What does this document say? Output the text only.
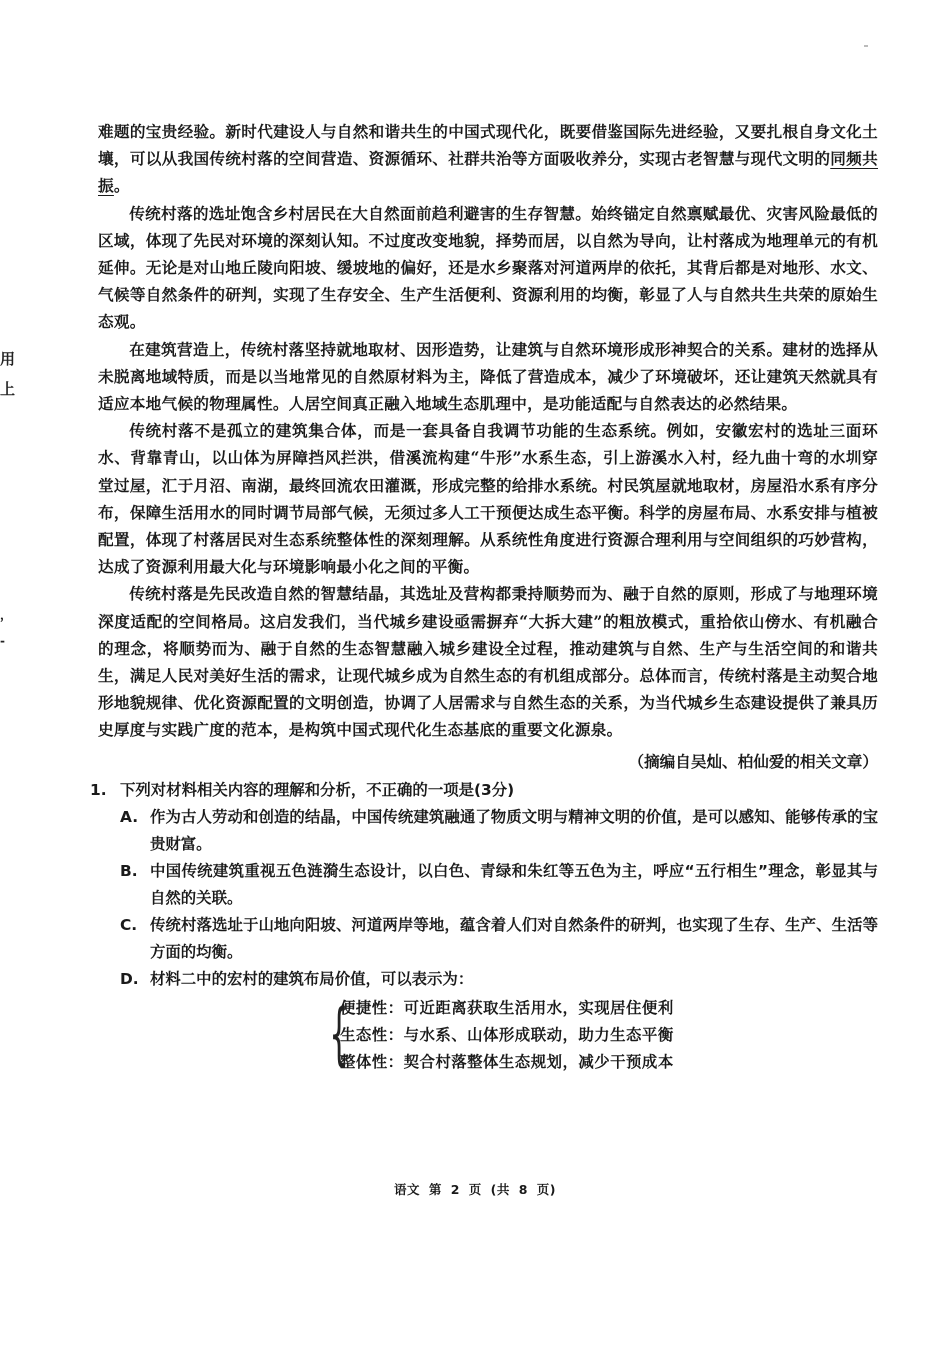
用
上
，
-

难题的宝贵经验。新时代建设人与自然和谐共生的中国式现代化，既要借鉴国际先进经验，又要扎根自身文化土壤，可以从我国传统村落的空间营造、资源循环、社群共治等方面吸收养分，实现古老智慧与现代文明的同频共振。

传统村落的选址饱含乡村居民在大自然面前趋利避害的生存智慧。始终锚定自然禀赋最优、灾害风险最低的区域，体现了先民对环境的深刻认知。不过度改变地貌，择势而居，以自然为导向，让村落成为地理单元的有机延伸。无论是对山地丘陵向阳坡、缓坡地的偏好，还是水乡聚落对河道两岸的依托，其背后都是对地形、水文、气候等自然条件的研判，实现了生存安全、生产生活便利、资源利用的均衡，彰显了人与自然共生共荣的原始生态观。

在建筑营造上，传统村落坚持就地取材、因形造势，让建筑与自然环境形成形神契合的关系。建材的选择从未脱离地域特质，而是以当地常见的自然原材料为主，降低了营造成本，减少了环境破坏，还让建筑天然就具有适应本地气候的物理属性。人居空间真正融入地域生态肌理中，是功能适配与自然表达的必然结果。

传统村落不是孤立的建筑集合体，而是一套具备自我调节功能的生态系统。例如，安徽宏村的选址三面环水、背靠青山，以山体为屏障挡风拦洪，借溪流构建“牛形”水系生态，引上游溪水入村，经九曲十弯的水圳穿堂过屋，汇于月沼、南湖，最终回流农田灌溉，形成完整的给排水系统。村民筑屋就地取材，房屋沿水系有序分布，保障生活用水的同时调节局部气候，无须过多人工干预便达成生态平衡。科学的房屋布局、水系安排与植被配置，体现了村落居民对生态系统整体性的深刻理解。从系统性角度进行资源合理利用与空间组织的巧妙营构，达成了资源利用最大化与环境影响最小化之间的平衡。

传统村落是先民改造自然的智慧结晶，其选址及营构都秉持顺势而为、融于自然的原则，形成了与地理环境深度适配的空间格局。这启发我们，当代城乡建设亟需摒弃“大拆大建”的粗放模式，重拾依山傍水、有机融合的理念，将顺势而为、融于自然的生态智慧融入城乡建设全过程，推动建筑与自然、生产与生活空间的和谐共生，满足人民对美好生活的需求，让现代城乡成为自然生态的有机组成部分。总体而言，传统村落是主动契合地形地貌规律、优化资源配置的文明创造，协调了人居需求与自然生态的关系，为当代城乡生态建设提供了兼具历史厚度与实践广度的范本，是构筑中国式现代化生态基底的重要文化源泉。

（摘编自吴灿、柏仙爱的相关文章）
1. 下列对材料相关内容的理解和分析，不正确的一项是(3分)
A. 作为古人劳动和创造的结晶，中国传统建筑融通了物质文明与精神文明的价值，是可以感知、能够传承的宝贵财富。
B. 中国传统建筑重视五色涟漪生态设计，以白色、青绿和朱红等五色为主，呼应“五行相生”理念，彰显其与自然的关联。
C. 传统村落选址于山地向阳坡、河道两岸等地，蕴含着人们对自然条件的研判，也实现了生存、生产、生活等方面的均衡。
D. 材料二中的宏村的建筑布局价值，可以表示为：
{
便捷性：可近距离获取生活用水，实现居住便利
生态性：与水系、山体形成联动，助力生态平衡
整体性：契合村落整体生态规划，减少干预成本
语文 第 2 页 (共 8 页)
